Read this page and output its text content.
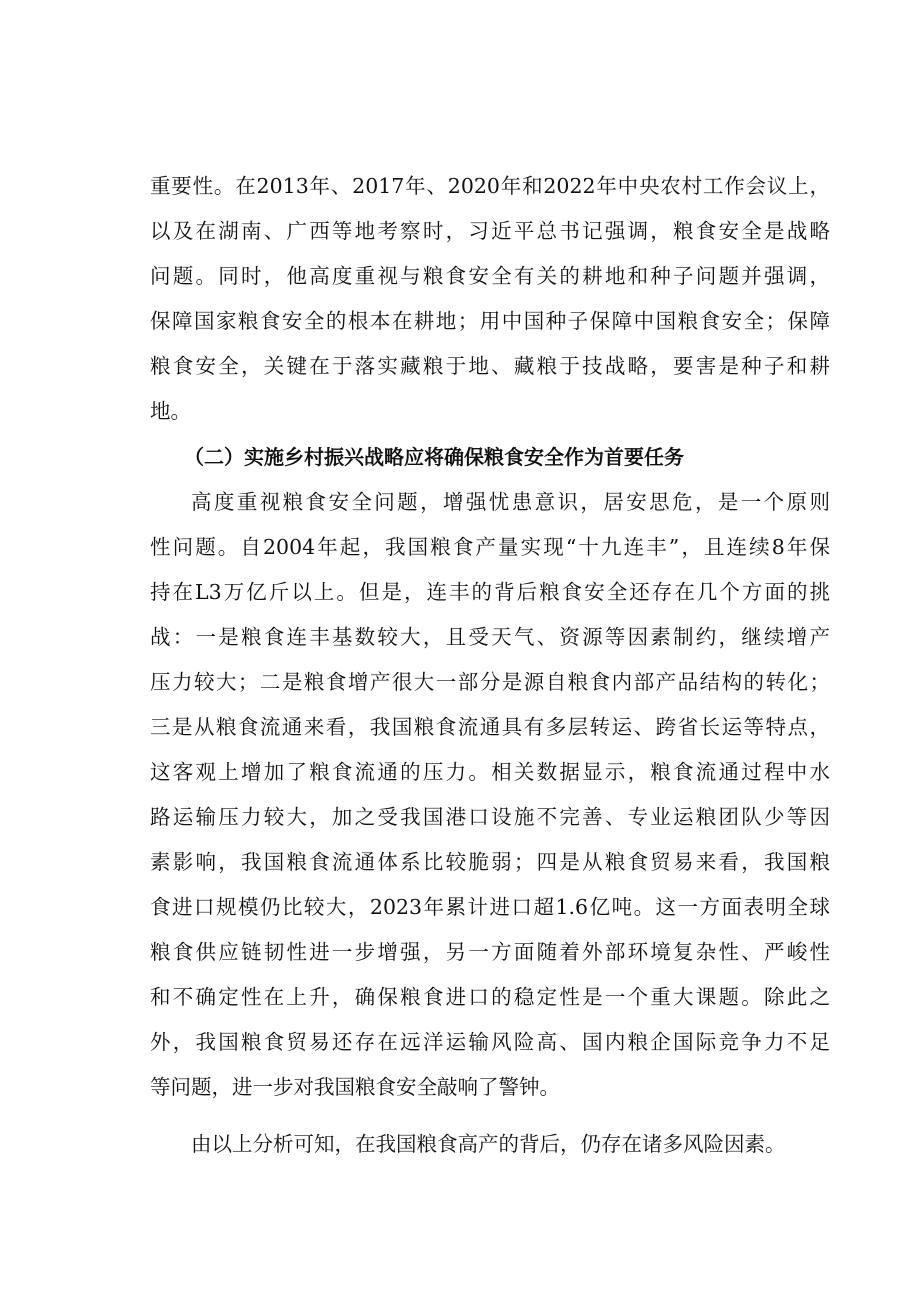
重要性。在2013年、2017年、2020年和2022年中央农村工作会议上，
以及在湖南、广西等地考察时，习近平总书记强调，粮食安全是战略
问题。同时，他高度重视与粮食安全有关的耕地和种子问题并强调，
保障国家粮食安全的根本在耕地；用中国种子保障中国粮食安全；保障
粮食安全，关键在于落实藏粮于地、藏粮于技战略，要害是种子和耕
地。
（二）实施乡村振兴战略应将确保粮食安全作为首要任务
高度重视粮食安全问题，增强忧患意识，居安思危，是一个原则
性问题。自2004年起，我国粮食产量实现“十九连丰”，且连续8年保
持在L3万亿斤以上。但是，连丰的背后粮食安全还存在几个方面的挑
战：一是粮食连丰基数较大，且受天气、资源等因素制约，继续增产
压力较大；二是粮食增产很大一部分是源自粮食内部产品结构的转化；
三是从粮食流通来看，我国粮食流通具有多层转运、跨省长运等特点，
这客观上增加了粮食流通的压力。相关数据显示，粮食流通过程中水
路运输压力较大，加之受我国港口设施不完善、专业运粮团队少等因
素影响，我国粮食流通体系比较脆弱；四是从粮食贸易来看，我国粮
食进口规模仍比较大，2023年累计进口超1.6亿吨。这一方面表明全球
粮食供应链韧性进一步增强，另一方面随着外部环境复杂性、严峻性
和不确定性在上升，确保粮食进口的稳定性是一个重大课题。除此之
外，我国粮食贸易还存在远洋运输风险高、国内粮企国际竞争力不足
等问题，进一步对我国粮食安全敲响了警钟。
由以上分析可知，在我国粮食高产的背后，仍存在诸多风险因素。
